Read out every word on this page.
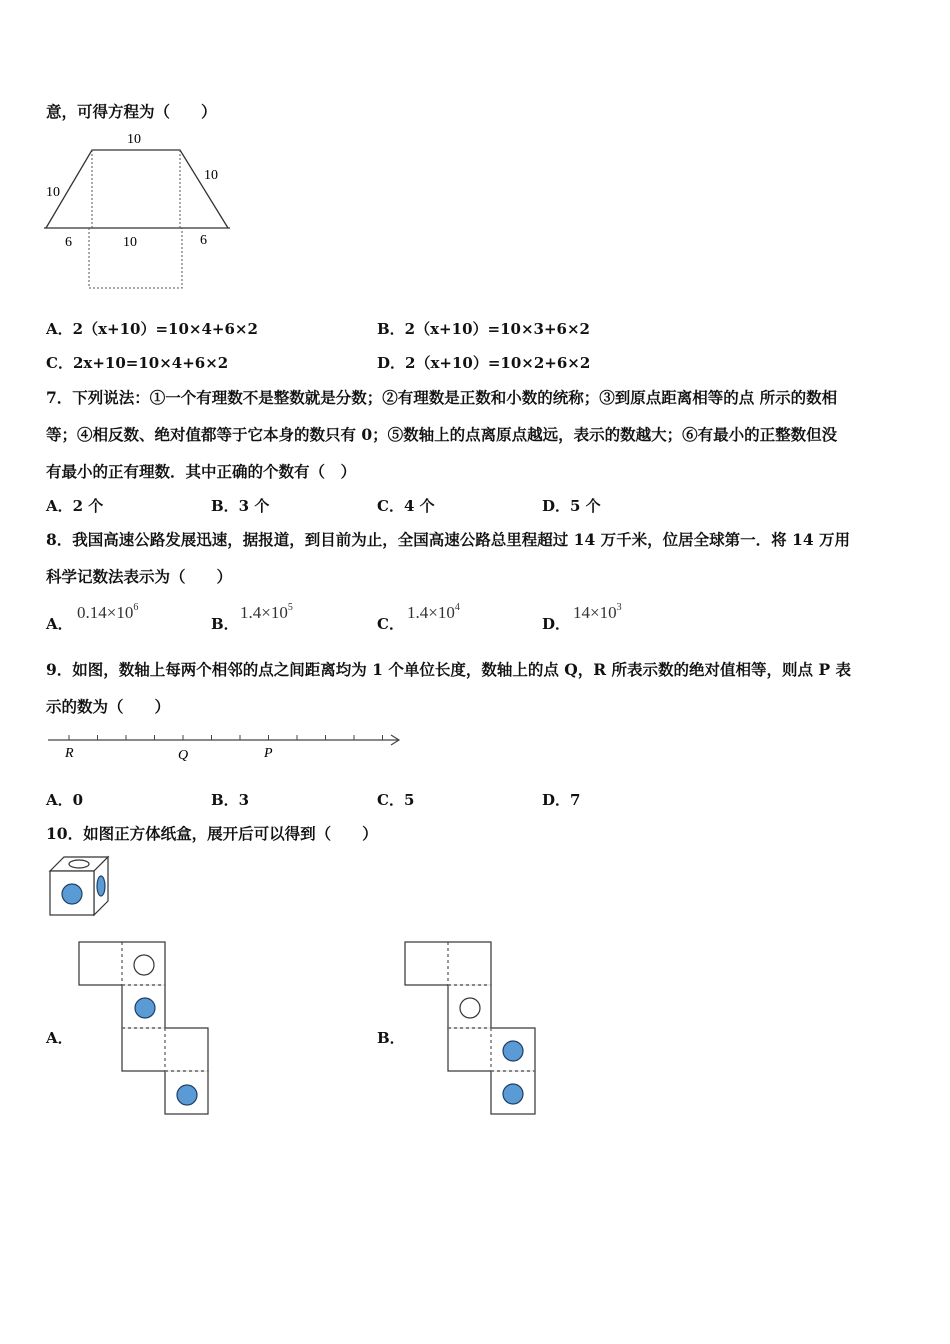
意，可得方程为（　　）
10
10
10
6	10	6
A．2（x+10）=10×4+6×2	B．2（x+10）=10×3+6×2
C．2x+10=10×4+6×2	D．2（x+10）=10×2+6×2
7．下列说法：①一个有理数不是整数就是分数；②有理数是正数和小数的统称；③到原点距离相等的点 所示的数相
等；④相反数、绝对值都等于它本身的数只有 0；⑤数轴上的点离原点越远，表示的数越大；⑥有最小的正整数但没
有最小的正有理数．其中正确的个数有（　）
A．2 个	B．3 个	C．4 个	D．5 个
8．我国高速公路发展迅速，据报道，到目前为止，全国高速公路总里程超过 14 万千米，位居全球第一．将 14 万用
科学记数法表示为（　　）
A．
$0.14\times 10^6$
B．
$1.4\times 10^5$
C．
$1.4\times 10^4$
D．
$14\times 10^3$
9．如图，数轴上每两个相邻的点之间距离均为 1 个单位长度，数轴上的点 Q，R 所表示数的绝对值相等，则点 P 表
示的数为（　　）
R	Q	P
A．0	B．3	C．5	D．7
10．如图正方体纸盒，展开后可以得到（　　）
A．	B．
